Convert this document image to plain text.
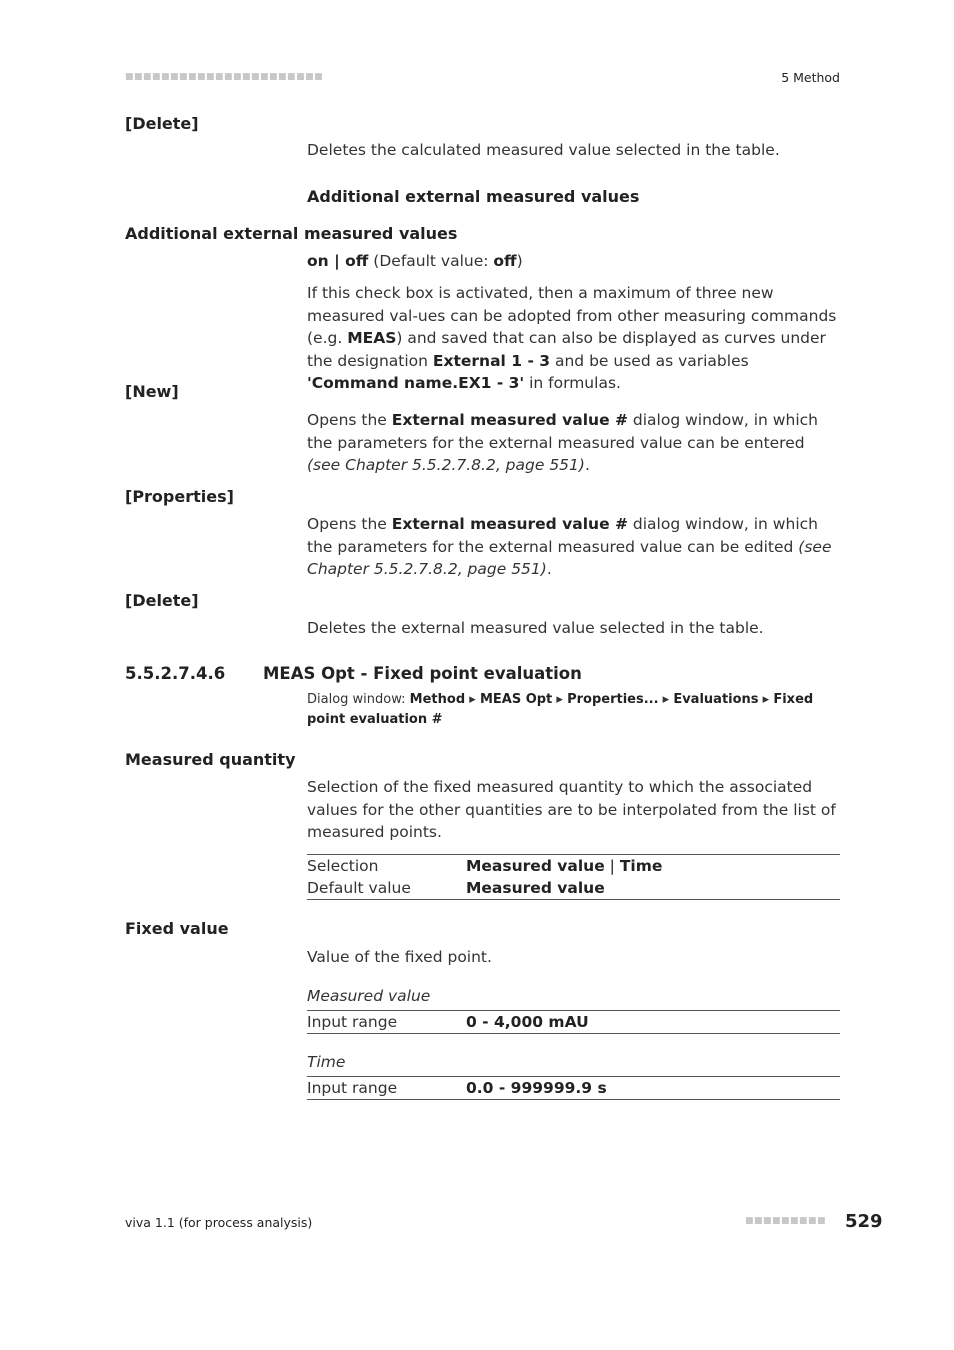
■■■■■■■■■■■■■■■■■■■■■■	5 Method
[Delete]
Deletes the calculated measured value selected in the table.
Additional external measured values
Additional external measured values
on | off (Default value: off)
If this check box is activated, then a maximum of three new measured val-ues can be adopted from other measuring commands (e.g. MEAS) and saved that can also be displayed as curves under the designation External 1 - 3 and be used as variables 'Command name.EX1 - 3' in formulas.
[New]
Opens the External measured value # dialog window, in which the parameters for the external measured value can be entered (see Chapter 5.5.2.7.8.2, page 551).
[Properties]
Opens the External measured value # dialog window, in which the parameters for the external measured value can be edited (see Chapter 5.5.2.7.8.2, page 551).
[Delete]
Deletes the external measured value selected in the table.
5.5.2.7.4.6 MEAS Opt - Fixed point evaluation
Dialog window: Method ▸ MEAS Opt ▸ Properties... ▸ Evaluations ▸ Fixed point evaluation #
Measured quantity
Selection of the fixed measured quantity to which the associated values for the other quantities are to be interpolated from the list of measured points.
Selection	Measured value | Time
Default value	Measured value
Fixed value
Value of the fixed point.
Measured value
Input range	0 - 4,000 mAU
Time
Input range	0.0 - 999999.9 s
viva 1.1 (for process analysis)	■■■■■■■■■ 529
